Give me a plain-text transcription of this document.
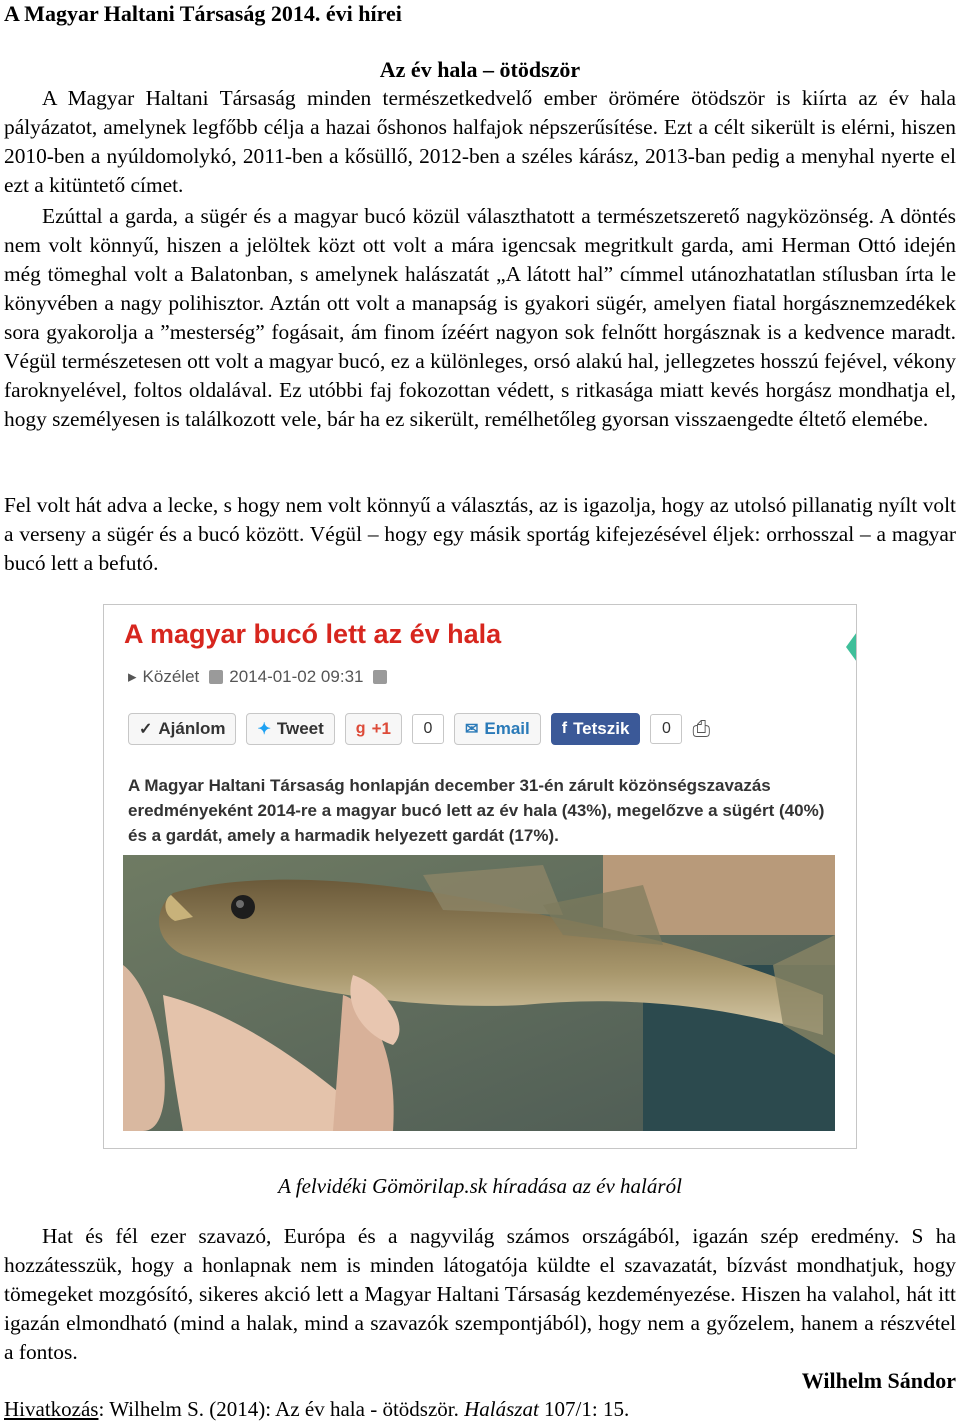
A Magyar Haltani Társaság 2014. évi hírei
Az év hala – ötödször

A Magyar Haltani Társaság minden természetkedvelő ember örömére ötödször is kiírta az év hala pályázatot, amelynek legfőbb célja a hazai őshonos halfajok népszerűsítése. Ezt a célt sikerült is elérni, hiszen 2010-ben a nyúldomolykó, 2011-ben a kősüllő, 2012-ben a széles kárász, 2013-ban pedig a menyhal nyerte el ezt a kitüntető címet.

Ezúttal a garda, a sügér és a magyar bucó közül választhatott a természetszerető nagyközönség. A döntés nem volt könnyű, hiszen a jelöltek közt ott volt a mára igencsak megritkult garda, ami Herman Ottó idején még tömeghal volt a Balatonban, s amelynek halászatát „A látott hal” címmel utánozhatatlan stílusban írta le könyvében a nagy polihisztor. Aztán ott volt a manapság is gyakori sügér, amelyen fiatal horgásznemzedékek sora gyakorolja a ”mesterség” fogásait, ám finom ízéért nagyon sok felnőtt horgásznak is a kedvence maradt. Végül természetesen ott volt a magyar bucó, ez a különleges, orsó alakú hal, jellegzetes hosszú fejével, vékony faroknyelével, foltos oldalával. Ez utóbbi faj fokozottan védett, s ritkasága miatt kevés horgász mondhatja el, hogy személyesen is találkozott vele, bár ha ez sikerült, remélhetőleg gyorsan visszaengedte éltető elemébe.

Fel volt hát adva a lecke, s hogy nem volt könnyű a választás, az is igazolja, hogy az utolsó pillanatig nyílt volt a verseny a sügér és a bucó között. Végül – hogy egy másik sportág kifejezésével éljek: orrhosszal – a magyar bucó lett a befutó.

A magyar bucó lett az év hala
▸ Közélet 2014-01-02 09:31
✓ Ajánlom ✦ Tweet g +1	0	✉ Email f Tetszik	0 ⎙

A Magyar Haltani Társaság honlapján december 31-én zárult közönségszavazás eredményeként 2014-re a magyar bucó lett az év hala (43%), megelőzve a sügért (40%) és a gardát, amely a harmadik helyezett gardát (17%).

A felvidéki Gömörilap.sk híradása az év haláról

Hat és fél ezer szavazó, Európa és a nagyvilág számos országából, igazán szép eredmény. S ha hozzátesszük, hogy a honlapnak nem is minden látogatója küldte el szavazatát, bízvást mondhatjuk, hogy tömegeket mozgósító, sikeres akció lett a Magyar Haltani Társaság kezdeményezése. Hiszen ha valahol, hát itt igazán elmondható (mind a halak, mind a szavazók szempontjából), hogy nem a győzelem, hanem a részvétel a fontos.

Wilhelm Sándor

Hivatkozás: Wilhelm S. (2014): Az év hala - ötödször. Halászat 107/1: 15.
